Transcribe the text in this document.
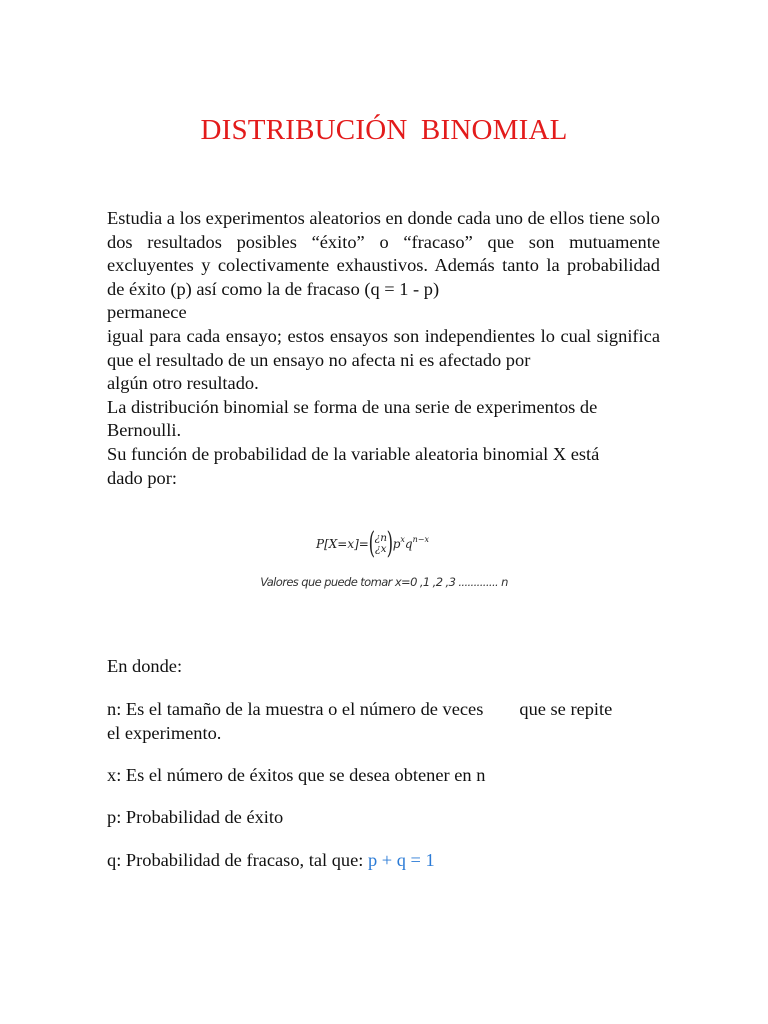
DISTRIBUCIÓN BINOMIAL

Estudia a los experimentos aleatorios en donde cada uno de ellos tiene solo dos resultados posibles “éxito” o “fracaso” que son mutuamente excluyentes y colectivamente exhaustivos. Además tanto la probabilidad de éxito (p) así como la de fracaso (q = 1 - p)

permanece

igual para cada ensayo; estos ensayos son independientes lo cual significa que el resultado de un ensayo no afecta ni es afectado por

algún otro resultado.

La distribución binomial se forma de una serie de experimentos de

Bernoulli.

Su función de probabilidad de la variable aleatoria binomial X está

dado por:

P[X=x]= ( ¿n
¿x ) p x q n−x
Valores que puede tomar x=0 ,1 ,2 ,3 ............. n
En donde:
n: Es el tamaño de la muestra o el número de veces que se repite
el experimento.
x: Es el número de éxitos que se desea obtener en n
p: Probabilidad de éxito
q: Probabilidad de fracaso, tal que: p + q = 1
